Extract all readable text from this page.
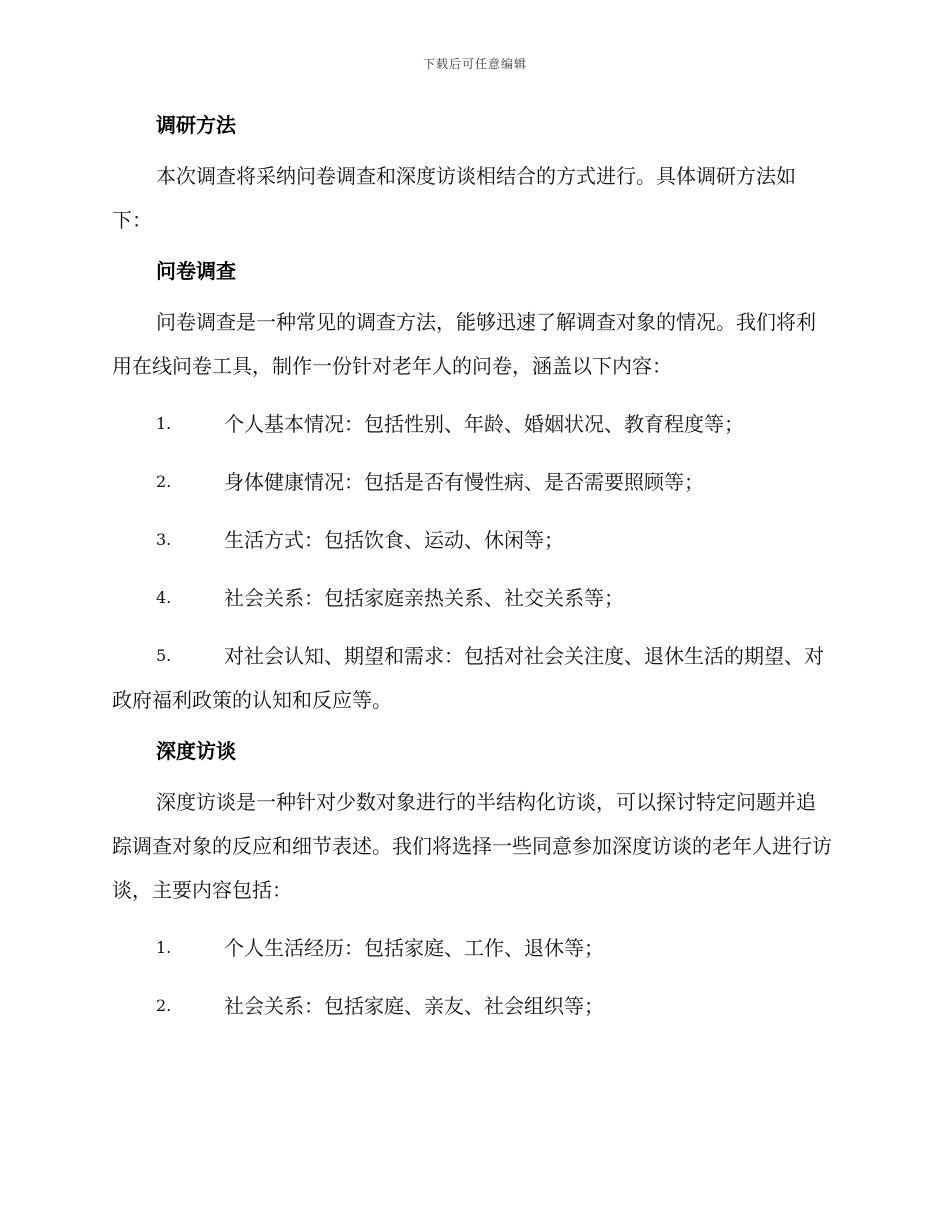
下载后可任意编辑
调研方法

本次调查将采纳问卷调查和深度访谈相结合的方式进行。具体调研方法如下：

问卷调查

问卷调查是一种常见的调查方法，能够迅速了解调查对象的情况。我们将利用在线问卷工具，制作一份针对老年人的问卷，涵盖以下内容：

1.	个人基本情况：包括性别、年龄、婚姻状况、教育程度等；
2.	身体健康情况：包括是否有慢性病、是否需要照顾等；
3.	生活方式：包括饮食、运动、休闲等；
4.	社会关系：包括家庭亲热关系、社交关系等；
5.	对社会认知、期望和需求：包括对社会关注度、退休生活的期望、对政府福利政策的认知和反应等。
深度访谈

深度访谈是一种针对少数对象进行的半结构化访谈，可以探讨特定问题并追踪调查对象的反应和细节表述。我们将选择一些同意参加深度访谈的老年人进行访谈，主要内容包括：

1.	个人生活经历：包括家庭、工作、退休等；
2.	社会关系：包括家庭、亲友、社会组织等；
